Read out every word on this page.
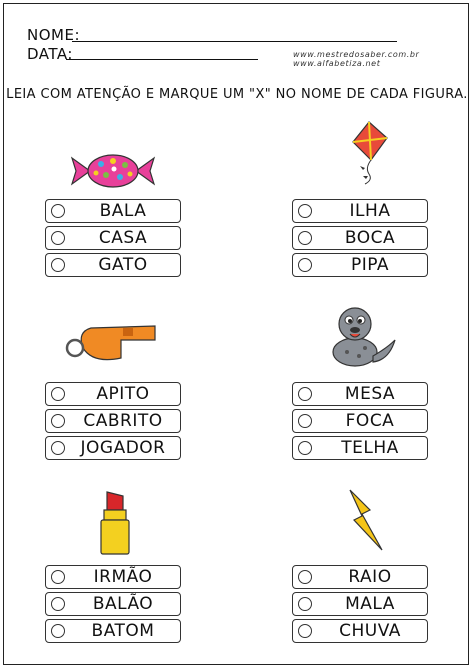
NOME:
DATA:	www.mestredosaber.com.br
www.alfabetiza.net
LEIA COM ATENÇÃO E MARQUE UM "X" NO NOME DE CADA FIGURA.
BALA
CASA
GATO
ILHA
BOCA
PIPA
APITO
CABRITO
JOGADOR
MESA
FOCA
TELHA
IRMÃO
BALÃO
BATOM
RAIO
MALA
CHUVA
